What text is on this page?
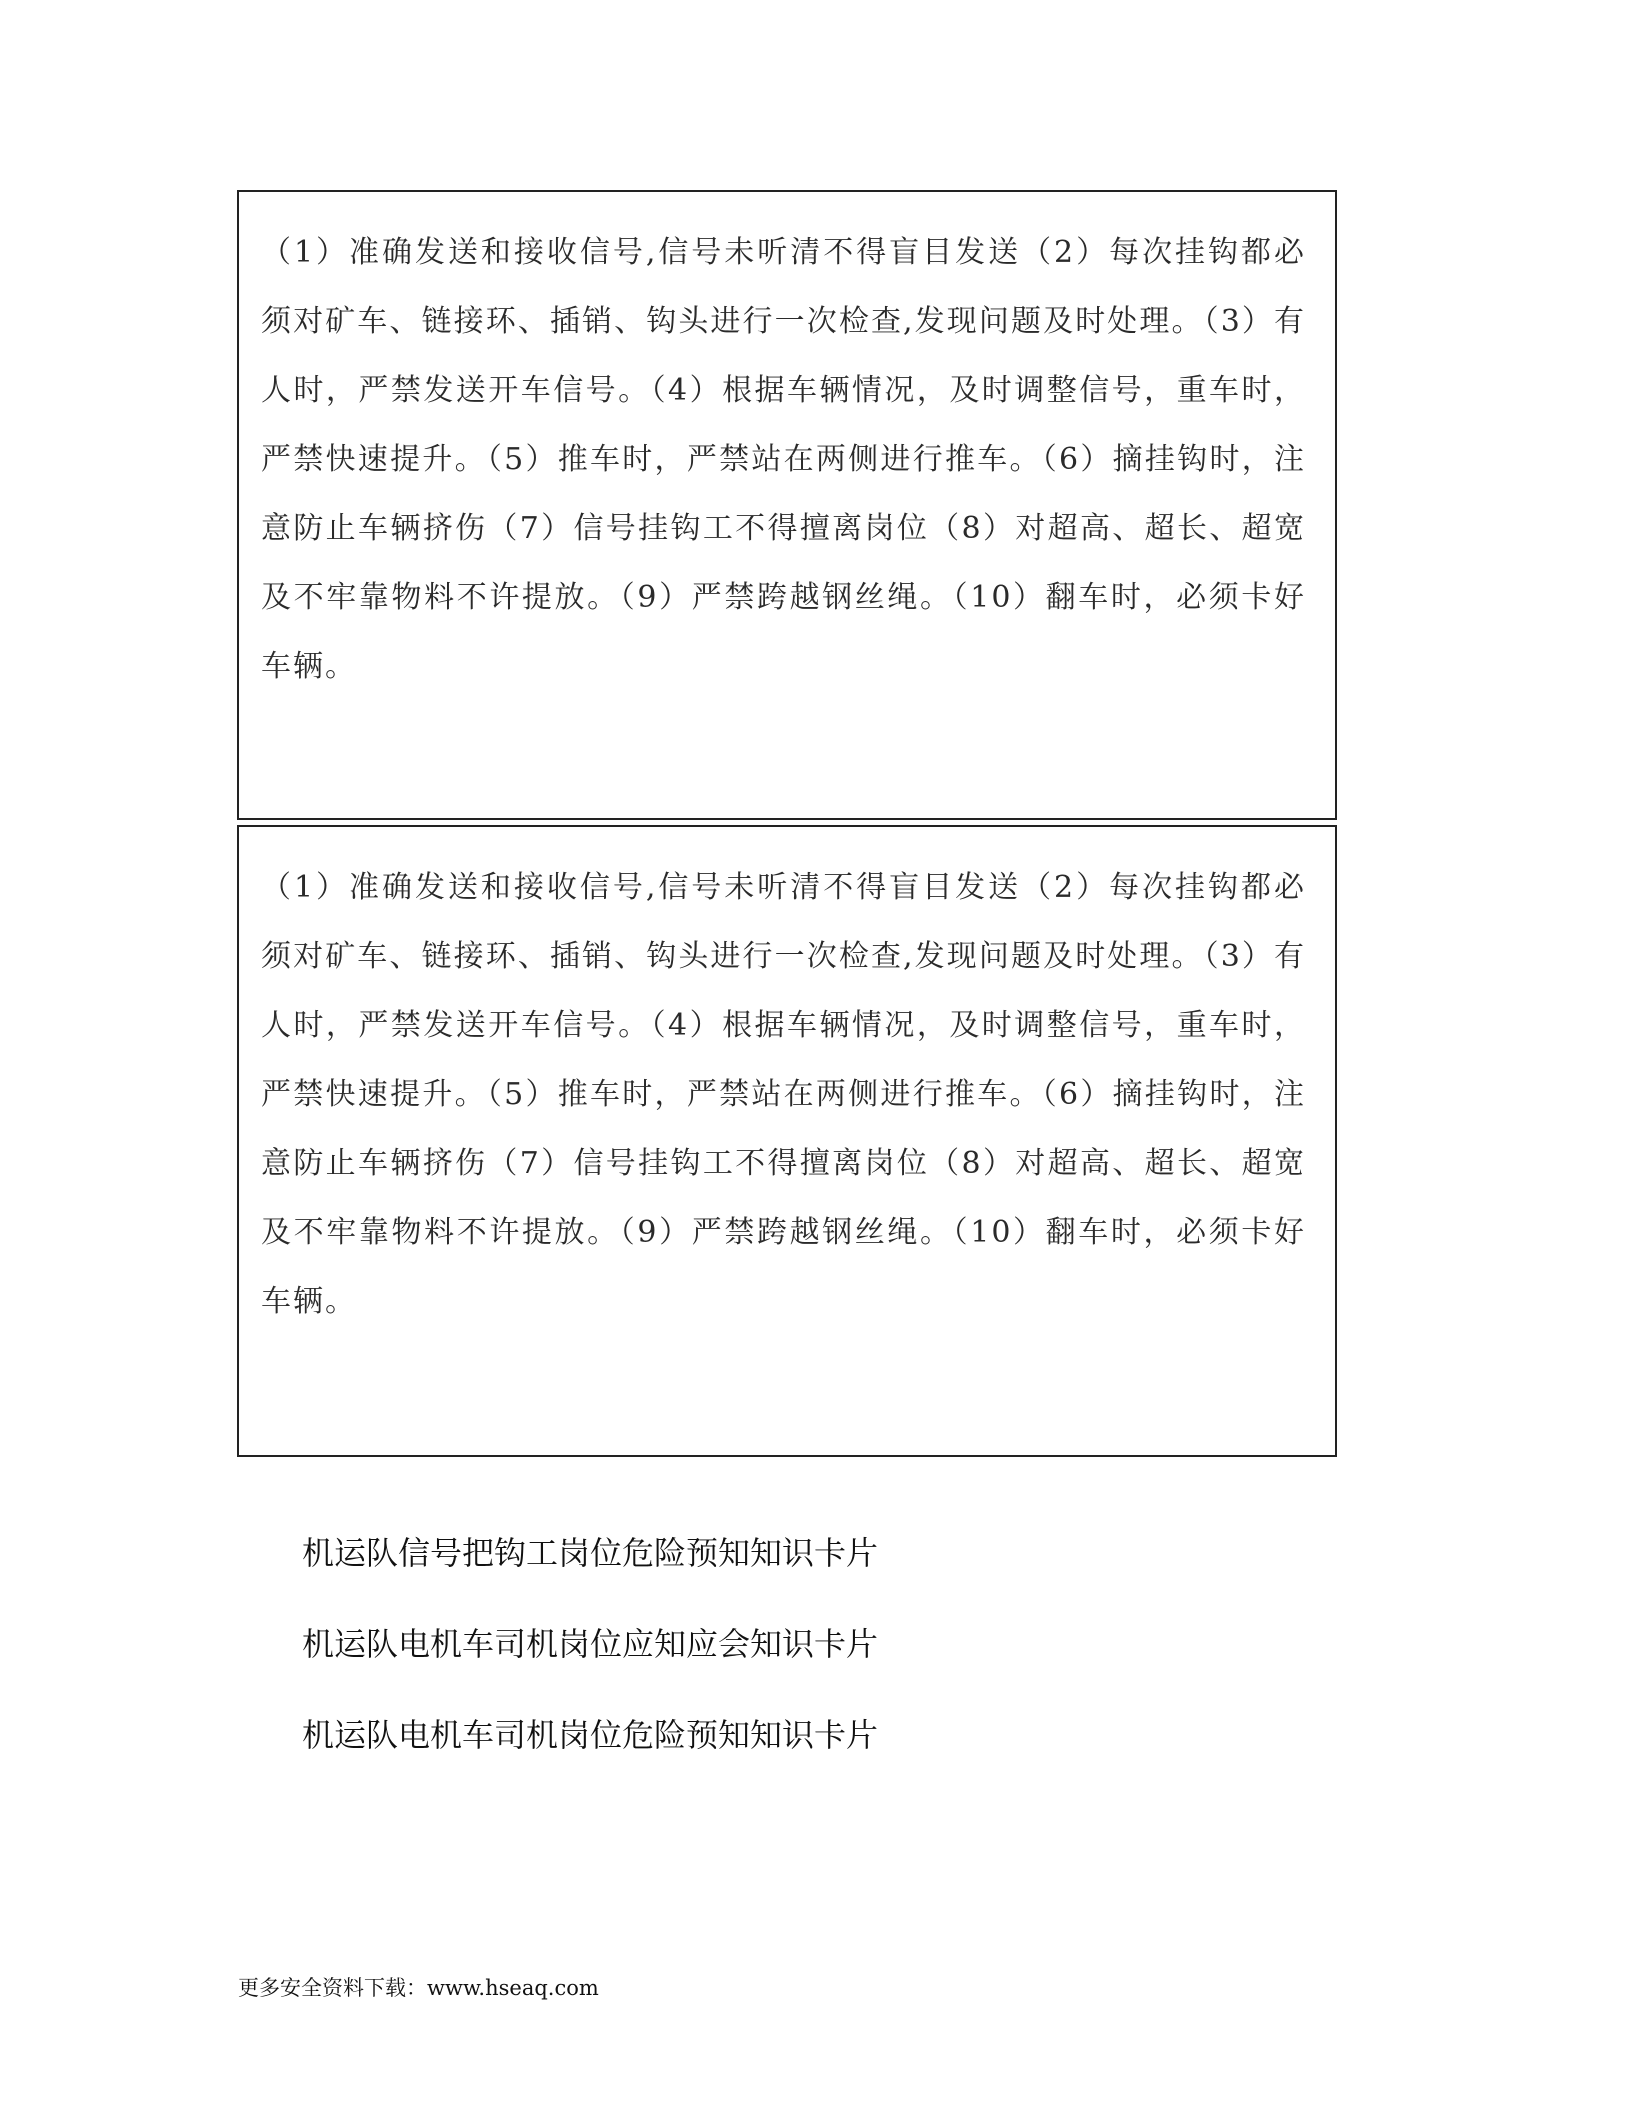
（1）准确发送和接收信号,信号未听清不得盲目发送（2）每次挂钩都必须对矿车、链接环、插销、钩头进行一次检查,发现问题及时处理。（3）有人时，严禁发送开车信号。（4）根据车辆情况，及时调整信号，重车时，严禁快速提升。（5）推车时，严禁站在两侧进行推车。（6）摘挂钩时，注意防止车辆挤伤（7）信号挂钩工不得擅离岗位（8）对超高、超长、超宽及不牢靠物料不许提放。（9）严禁跨越钢丝绳。（10）翻车时，必须卡好车辆。
（1）准确发送和接收信号,信号未听清不得盲目发送（2）每次挂钩都必须对矿车、链接环、插销、钩头进行一次检查,发现问题及时处理。（3）有人时，严禁发送开车信号。（4）根据车辆情况，及时调整信号，重车时，严禁快速提升。（5）推车时，严禁站在两侧进行推车。（6）摘挂钩时，注意防止车辆挤伤（7）信号挂钩工不得擅离岗位（8）对超高、超长、超宽及不牢靠物料不许提放。（9）严禁跨越钢丝绳。（10）翻车时，必须卡好车辆。
机运队信号把钩工岗位危险预知知识卡片
机运队电机车司机岗位应知应会知识卡片
机运队电机车司机岗位危险预知知识卡片
更多安全资料下载：www.hseaq.com
